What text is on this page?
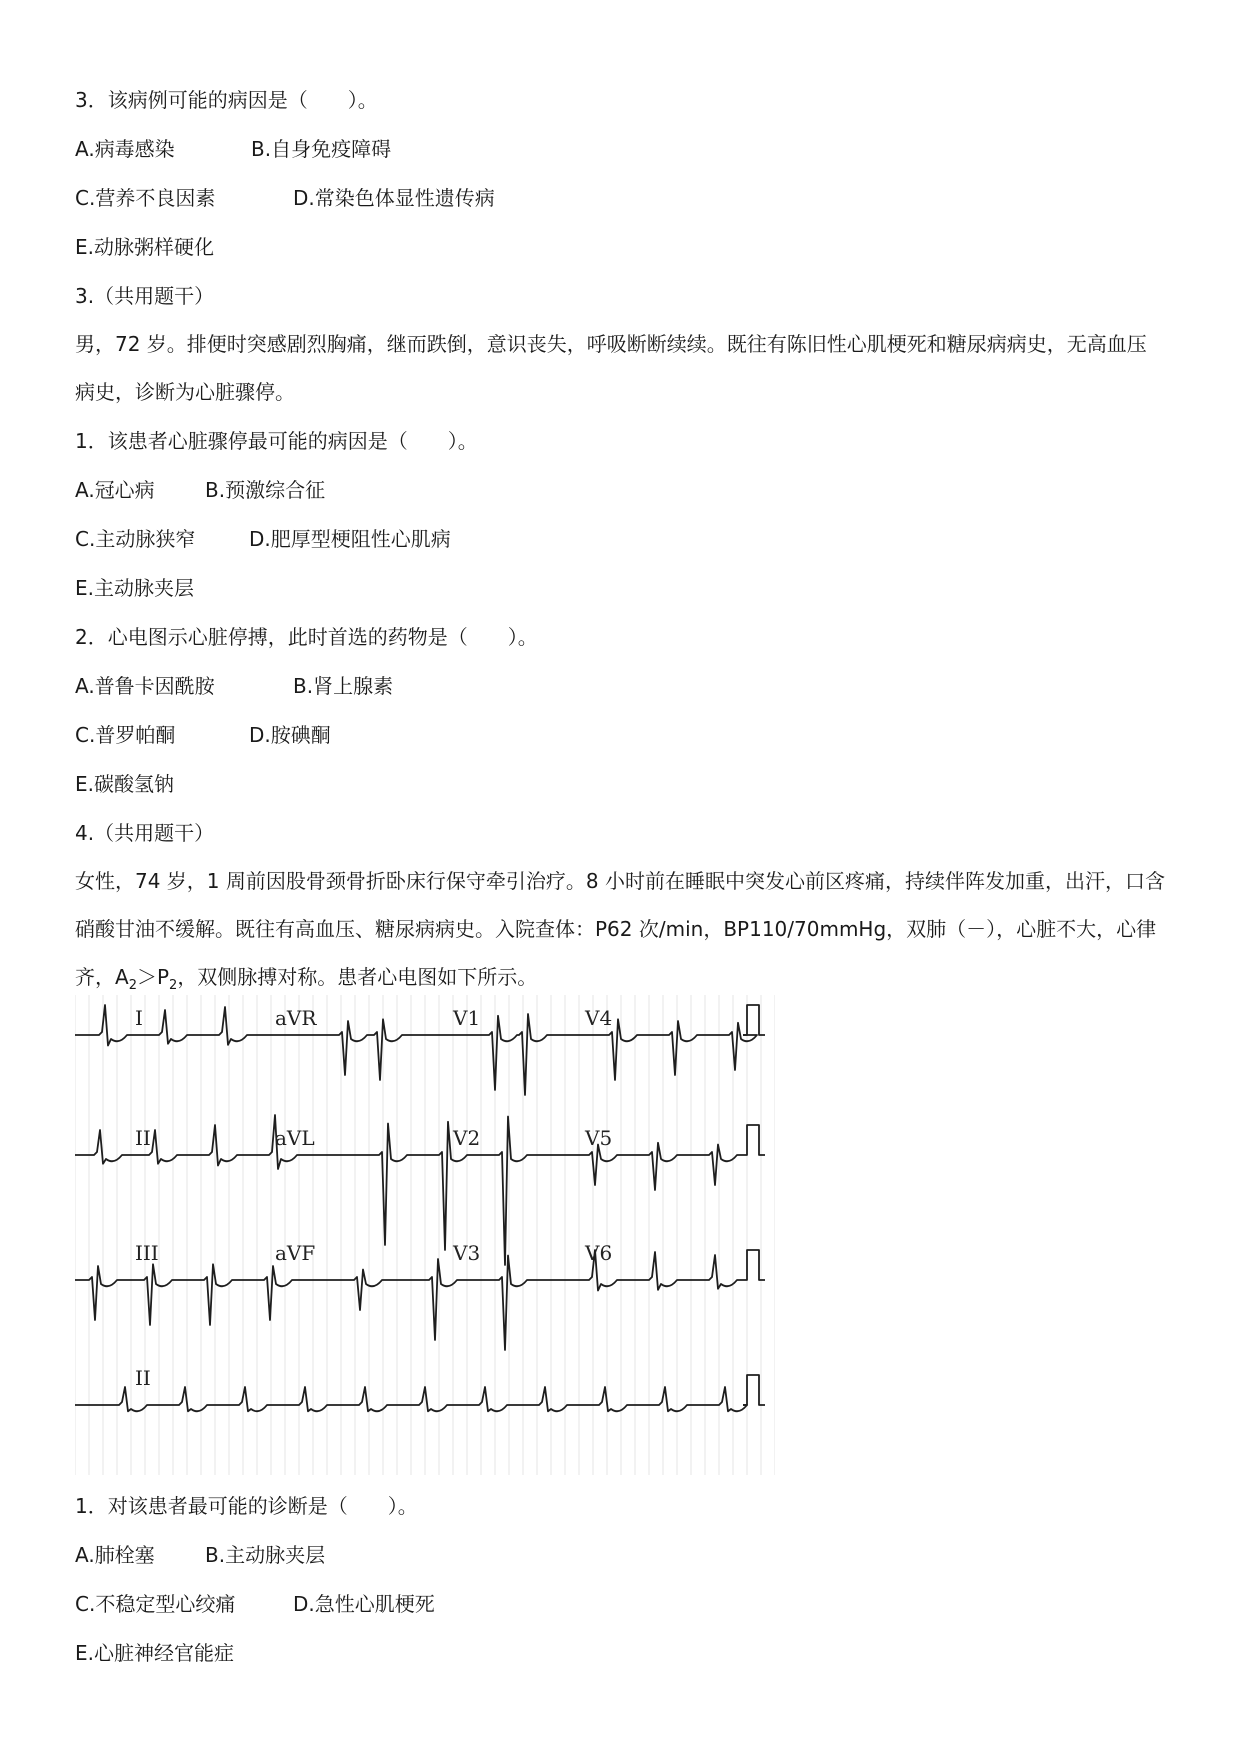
3．该病例可能的病因是（　　）。
A.病毒感染	B.自身免疫障碍
C.营养不良因素	D.常染色体显性遗传病
E.动脉粥样硬化
3.（共用题干）
男，72 岁。排便时突感剧烈胸痛，继而跌倒，意识丧失，呼吸断断续续。既往有陈旧性心肌梗死和糖尿病病史，无高血压病史，诊断为心脏骤停。
1．该患者心脏骤停最可能的病因是（　　）。
A.冠心病	B.预激综合征
C.主动脉狭窄	D.肥厚型梗阻性心肌病
E.主动脉夹层
2．心电图示心脏停搏，此时首选的药物是（　　）。
A.普鲁卡因酰胺	B.肾上腺素
C.普罗帕酮	D.胺碘酮
E.碳酸氢钠
4.（共用题干）
女性，74 岁，1 周前因股骨颈骨折卧床行保守牵引治疗。8 小时前在睡眠中突发心前区疼痛，持续伴阵发加重，出汗，口含硝酸甘油不缓解。既往有高血压、糖尿病病史。入院查体：P62 次/min，BP110/70mmHg，双肺（－），心脏不大，心律齐，$A_2>P_2$，双侧脉搏对称。患者心电图如下所示。
I	aVR	V1	V4
II	aVL	V2	V5
III	aVF	V3	V6
II
1．对该患者最可能的诊断是（　　）。
A.肺栓塞	B.主动脉夹层
C.不稳定型心绞痛	D.急性心肌梗死
E.心脏神经官能症
